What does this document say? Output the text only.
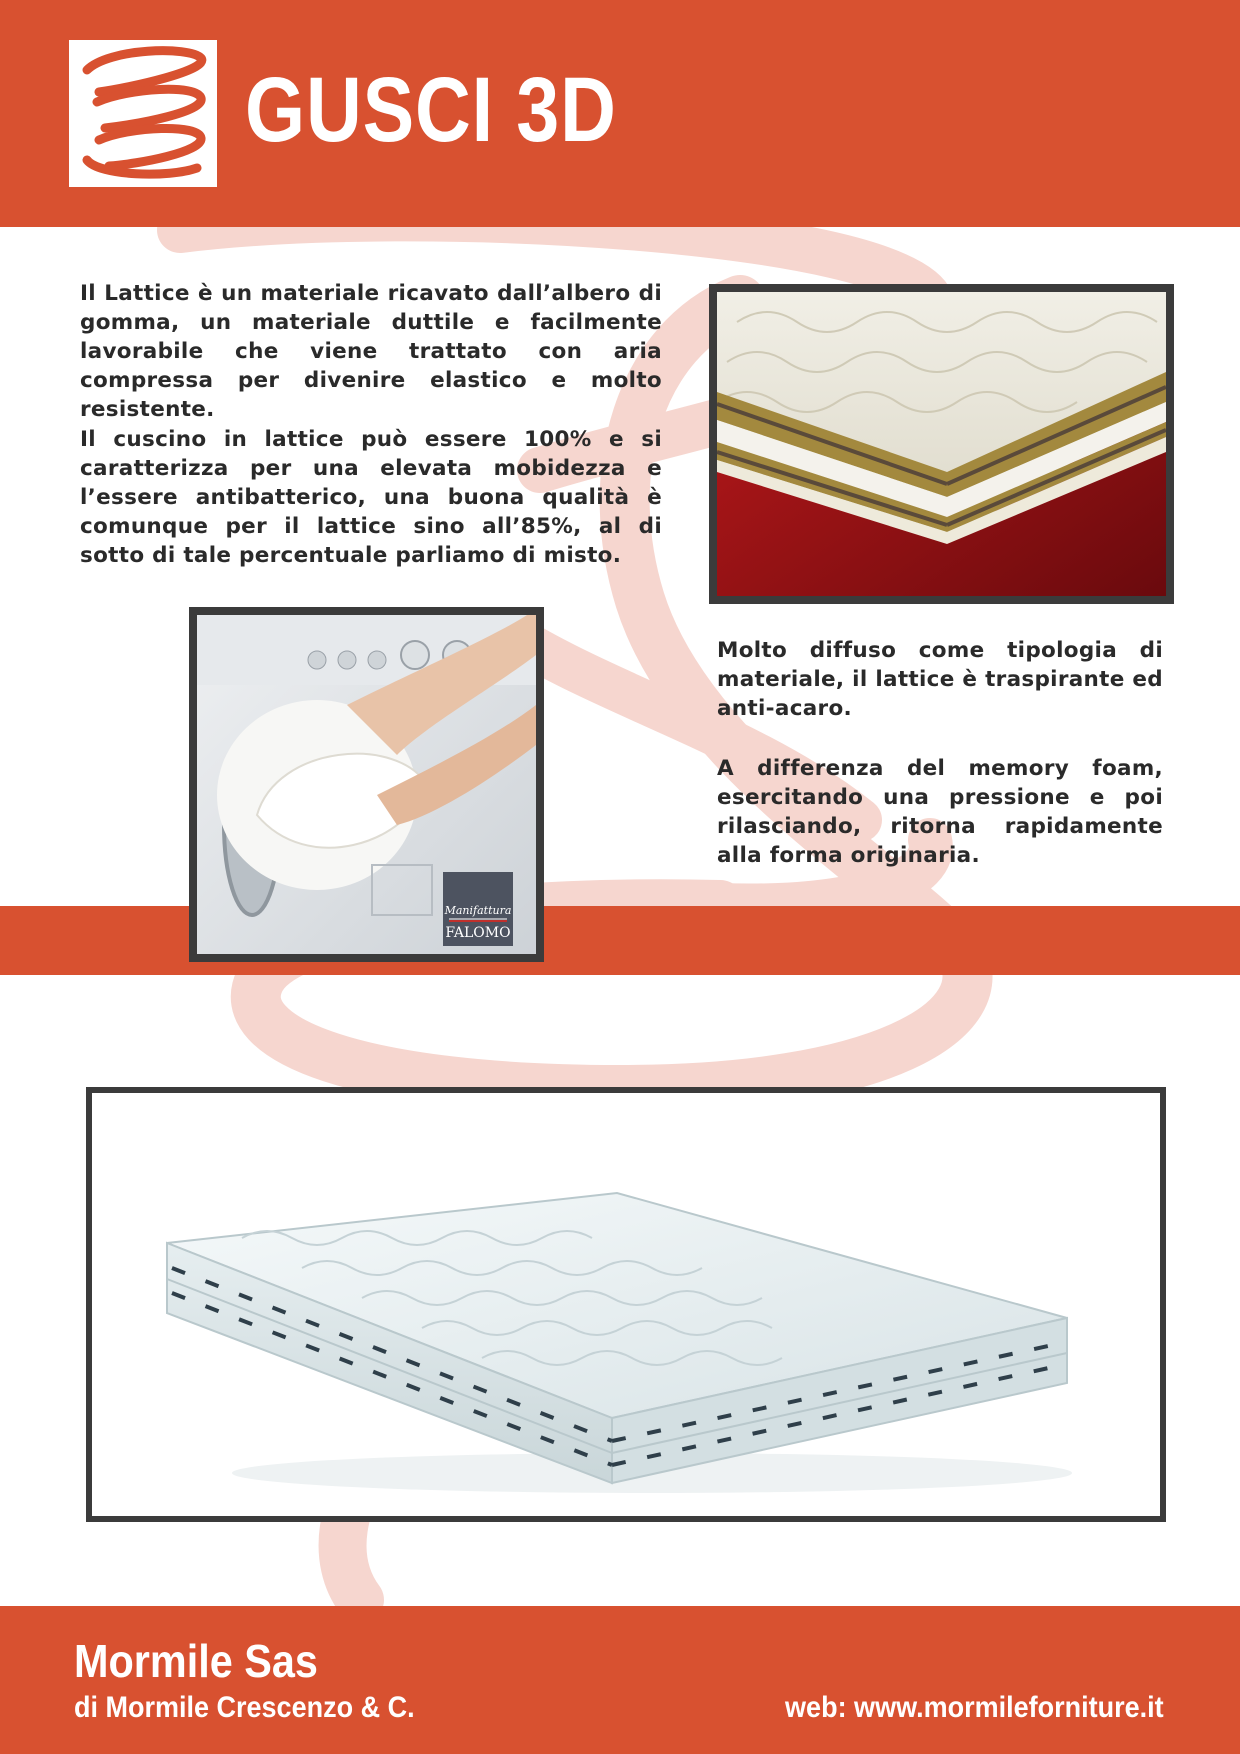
GUSCI 3D

Il Lattice è un materiale ricavato dall’albero di gomma, un materiale duttile e facilmente lavorabile che viene trattato con aria compressa per divenire elastico e molto resistente.

Il cuscino in lattice può essere 100% e si caratterizza per una elevata mobidezza e l’essere antibatterico, una buona qualità è comunque per il lattice sino all’85%, al di sotto di tale percentuale parliamo di misto.

Manifattura
FALOMO

Molto diffuso come tipologia di materiale, il lattice è traspirante ed anti-acaro.

A differenza del memory foam, esercitando una pressione e poi rilasciando, ritorna rapidamente alla forma originaria.

Mormile Sas
di Mormile Crescenzo & C.	web: www.mormileforniture.it
